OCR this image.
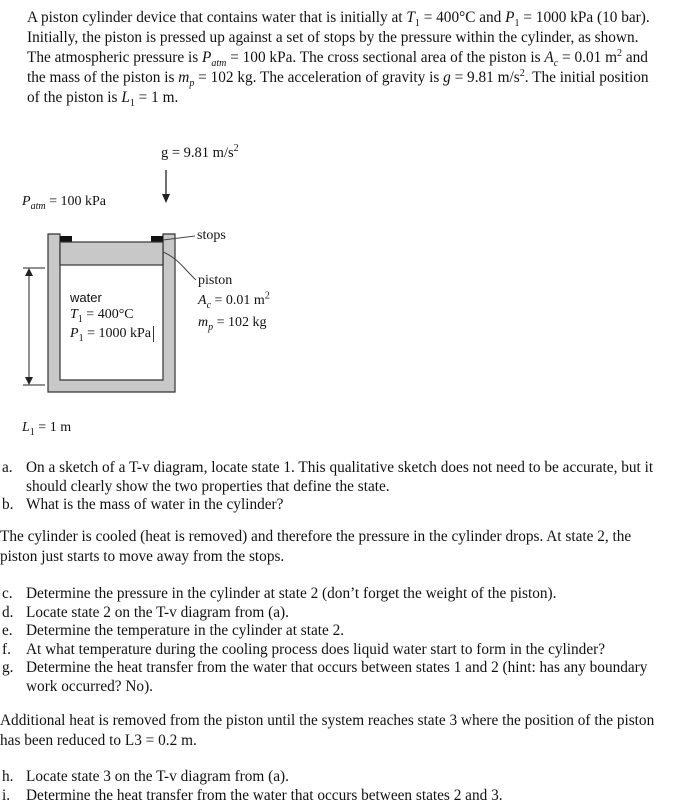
A piston cylinder device that contains water that is initially at $T_1 = 400^\circ C$ and $P_1 = 1000$ kPa (10 bar). Initially, the piston is pressed up against a set of stops by the pressure within the cylinder, as shown. The atmospheric pressure is $P_{atm} = 100$ kPa. The cross sectional area of the piston is $A_c = 0.01$ $m^2$ and the mass of the piston is $m_p = 102$ kg. The acceleration of gravity is g = 9.81 $m/s^2$. The initial position of the piston is $L_1 = 1$ m.

g = 9.81 $m/s^2$
$P_{atm} = 100$ kPa
stops
piston
$A_c = 0.01$ $m^2$
$m_p = 102$ kg
water
$T_1 = 400^\circ C$
$P_1 = 1000$ kPa
$L_1 = 1$ m
a. On a sketch of a T-v diagram, locate state 1. This qualitative sketch does not need to be accurate, but it should clearly show the two properties that define the state.
b. What is the mass of water in the cylinder?

The cylinder is cooled (heat is removed) and therefore the pressure in the cylinder drops. At state 2, the piston just starts to move away from the stops.

c. Determine the pressure in the cylinder at state 2 (don’t forget the weight of the piston).
d. Locate state 2 on the T-v diagram from (a).
e. Determine the temperature in the cylinder at state 2.
f. At what temperature during the cooling process does liquid water start to form in the cylinder?
g. Determine the heat transfer from the water that occurs between states 1 and 2 (hint: has any boundary work occurred? No).

Additional heat is removed from the piston until the system reaches state 3 where the position of the piston has been reduced to L3 = 0.2 m.

h. Locate state 3 on the T-v diagram from (a).
i. Determine the heat transfer from the water that occurs between states 2 and 3.
